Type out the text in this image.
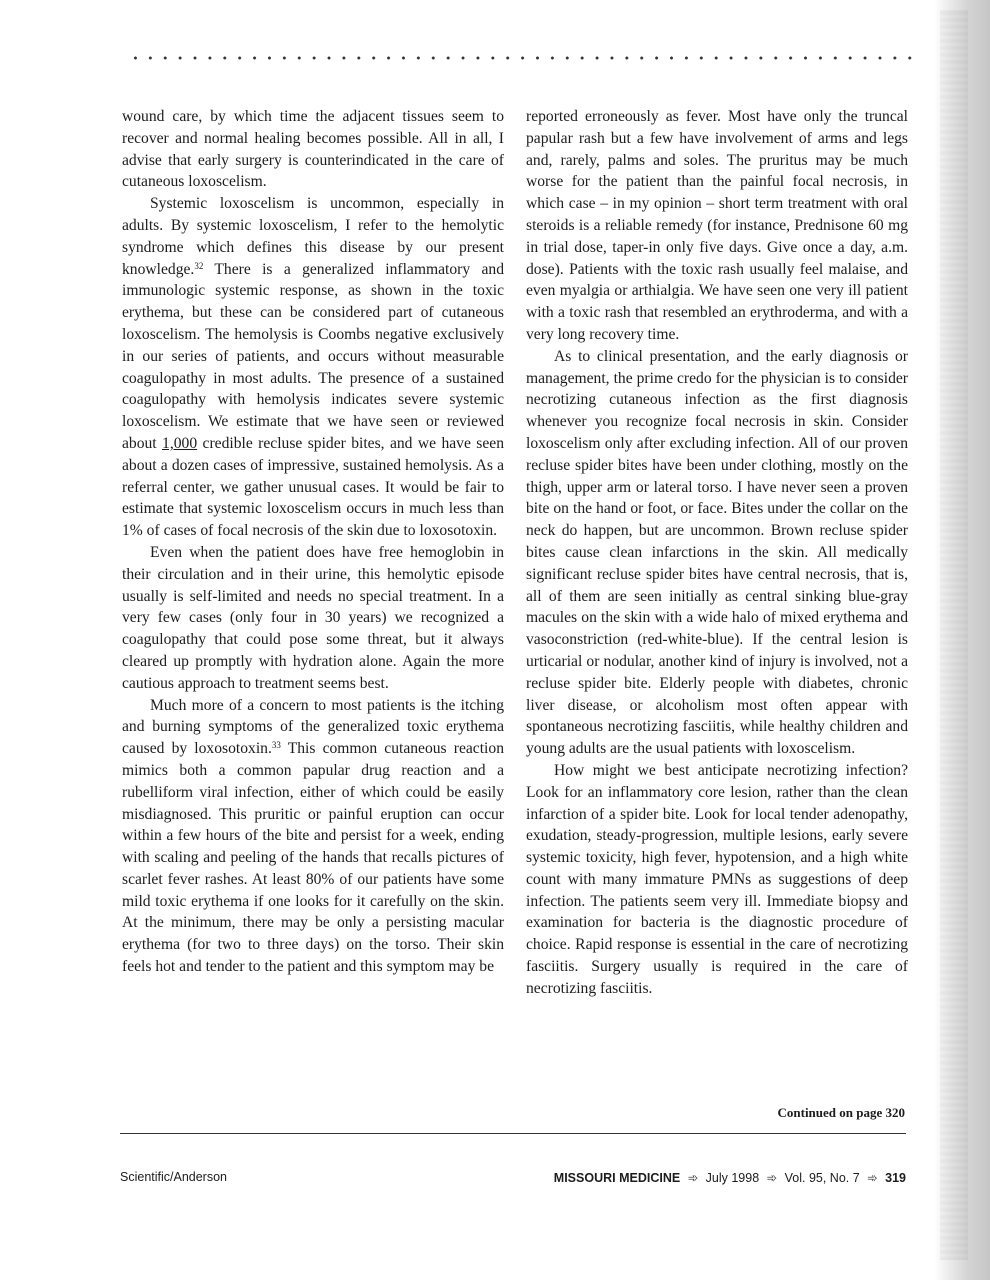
wound care, by which time the adjacent tissues seem to recover and normal healing becomes possible. All in all, I advise that early surgery is counterindicated in the care of cutaneous loxoscelism.

Systemic loxoscelism is uncommon, especially in adults. By systemic loxoscelism, I refer to the hemolytic syndrome which defines this disease by our present knowledge.$^{32}$ There is a generalized inflammatory and immunologic systemic response, as shown in the toxic erythema, but these can be considered part of cutaneous loxoscelism. The hemolysis is Coombs negative exclusively in our series of patients, and occurs without measurable coagulopathy in most adults. The presence of a sustained coagulopathy with hemolysis indicates severe systemic loxoscelism. We estimate that we have seen or reviewed about 1,000 credible recluse spider bites, and we have seen about a dozen cases of impressive, sustained hemolysis. As a referral center, we gather unusual cases. It would be fair to estimate that systemic loxoscelism occurs in much less than 1% of cases of focal necrosis of the skin due to loxosotoxin.

Even when the patient does have free hemoglobin in their circulation and in their urine, this hemolytic episode usually is self-limited and needs no special treatment. In a very few cases (only four in 30 years) we recognized a coagulopathy that could pose some threat, but it always cleared up promptly with hydration alone. Again the more cautious approach to treatment seems best.

Much more of a concern to most patients is the itching and burning symptoms of the generalized toxic erythema caused by loxosotoxin.$^{33}$ This common cutaneous reaction mimics both a common papular drug reaction and a rubelliform viral infection, either of which could be easily misdiagnosed. This pruritic or painful eruption can occur within a few hours of the bite and persist for a week, ending with scaling and peeling of the hands that recalls pictures of scarlet fever rashes. At least 80% of our patients have some mild toxic erythema if one looks for it carefully on the skin. At the minimum, there may be only a persisting macular erythema (for two to three days) on the torso. Their skin feels hot and tender to the patient and this symptom may be

reported erroneously as fever. Most have only the truncal papular rash but a few have involvement of arms and legs and, rarely, palms and soles. The pruritus may be much worse for the patient than the painful focal necrosis, in which case – in my opinion – short term treatment with oral steroids is a reliable remedy (for instance, Prednisone 60 mg in trial dose, taper-in only five days. Give once a day, a.m. dose). Patients with the toxic rash usually feel malaise, and even myalgia or arthialgia. We have seen one very ill patient with a toxic rash that resembled an erythroderma, and with a very long recovery time.

As to clinical presentation, and the early diagnosis or management, the prime credo for the physician is to consider necrotizing cutaneous infection as the first diagnosis whenever you recognize focal necrosis in skin. Consider loxoscelism only after excluding infection. All of our proven recluse spider bites have been under clothing, mostly on the thigh, upper arm or lateral torso. I have never seen a proven bite on the hand or foot, or face. Bites under the collar on the neck do happen, but are uncommon. Brown recluse spider bites cause clean infarctions in the skin. All medically significant recluse spider bites have central necrosis, that is, all of them are seen initially as central sinking blue-gray macules on the skin with a wide halo of mixed erythema and vasoconstriction (red-white-blue). If the central lesion is urticarial or nodular, another kind of injury is involved, not a recluse spider bite. Elderly people with diabetes, chronic liver disease, or alcoholism most often appear with spontaneous necrotizing fasciitis, while healthy children and young adults are the usual patients with loxoscelism.

How might we best anticipate necrotizing infection? Look for an inflammatory core lesion, rather than the clean infarction of a spider bite. Look for local tender adenopathy, exudation, steady-progression, multiple lesions, early severe systemic toxicity, high fever, hypotension, and a high white count with many immature PMNs as suggestions of deep infection. The patients seem very ill. Immediate biopsy and examination for bacteria is the diagnostic procedure of choice. Rapid response is essential in the care of necrotizing fasciitis. Surgery usually is required in the care of necrotizing fasciitis.

Continued on page 320
Scientific/Anderson	MISSOURI MEDICINE ➾ July 1998 ➾ Vol. 95, No. 7 ➾ 319
